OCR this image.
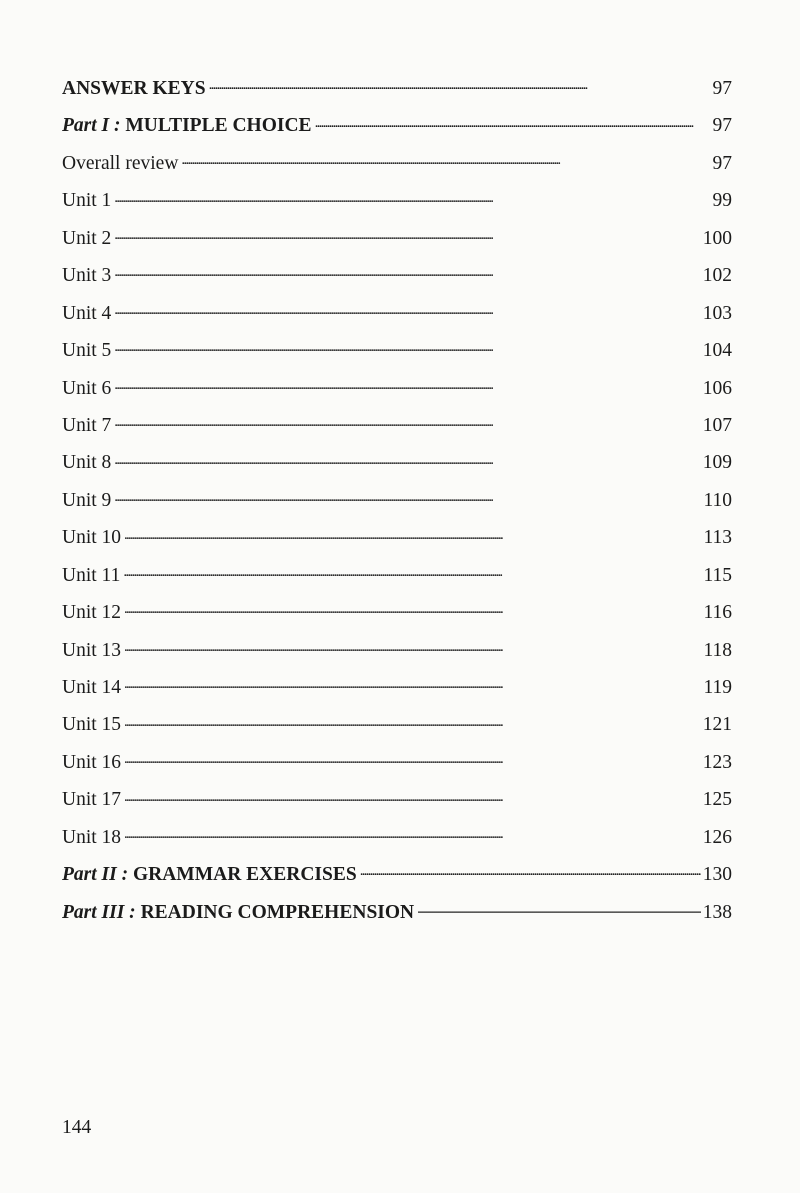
ANSWER KEYS . . .	97
Part I : MULTIPLE CHOICE . . .	97
Overall review . . .	97
Unit 1 . . .	99
Unit 2 . . .	100
Unit 3 . . .	102
Unit 4 . . .	103
Unit 5 . . .	104
Unit 6 . . .	106
Unit 7 . . .	107
Unit 8 . . .	109
Unit 9 . . .	110
Unit 10 . . .	113
Unit 11 . . .	115
Unit 12 . . .	116
Unit 13 . . .	118
Unit 14 . . .	119
Unit 15 . . .	121
Unit 16 . . .	123
Unit 17 . . .	125
Unit 18 . . .	126
Part II : GRAMMAR EXERCISES . . .	130
Part III : READING COMPREHENSION . . .	138
144
